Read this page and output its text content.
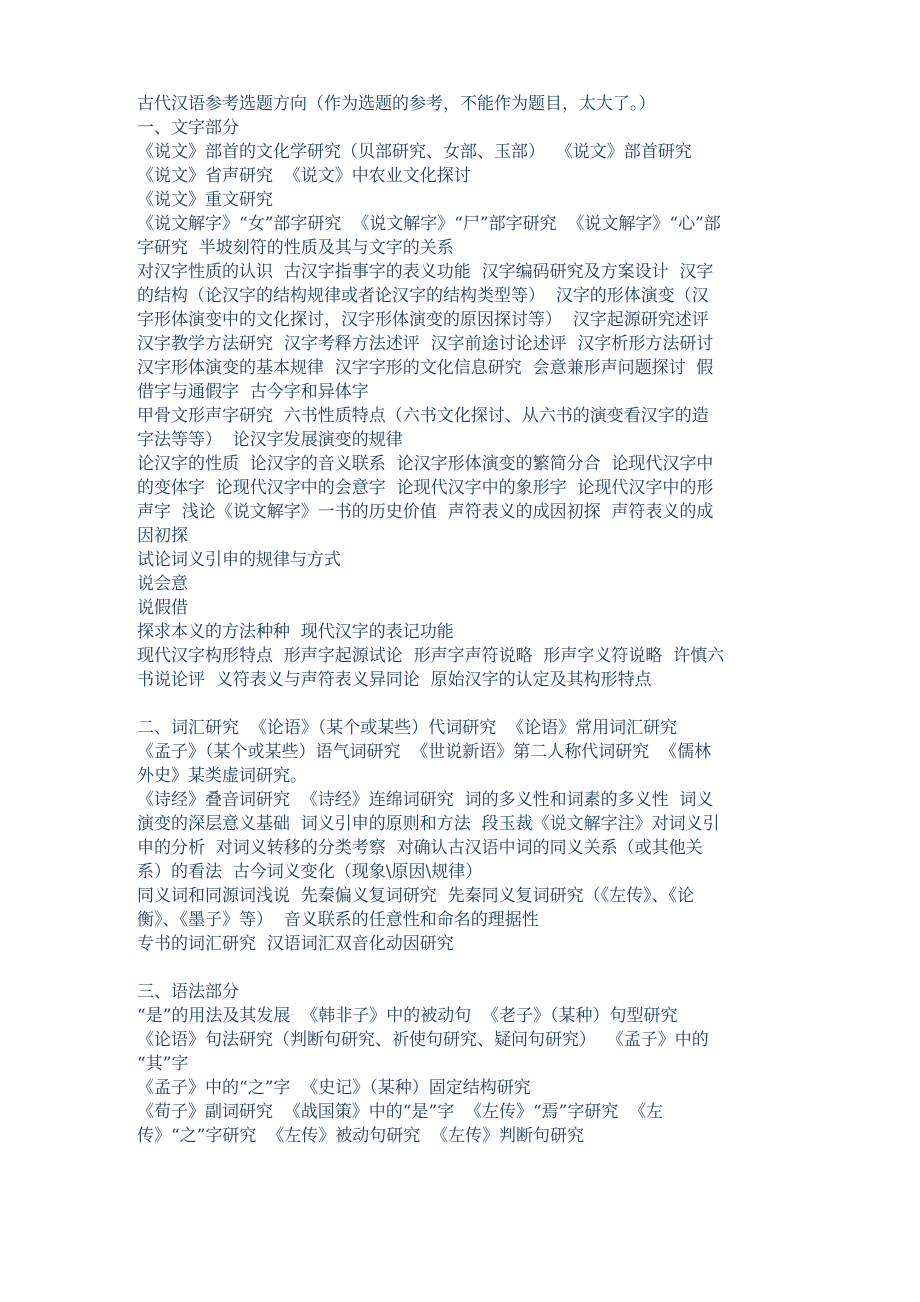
古代汉语参考选题方向（作为选题的参考，不能作为题目，太大了。）
一、文字部分
《说文》部首的文化学研究（贝部研究、女部、玉部）  《说文》部首研究
《说文》省声研究  《说文》中农业文化探讨
《说文》重文研究
《说文解字》“女”部字研究  《说文解字》“尸”部字研究  《说文解字》“心”部
字研究  半坡刻符的性质及其与文字的关系
对汉字性质的认识  古汉字指事字的表义功能  汉字编码研究及方案设计  汉字
的结构（论汉字的结构规律或者论汉字的结构类型等）  汉字的形体演变（汉
字形体演变中的文化探讨，汉字形体演变的原因探讨等）  汉字起源研究述评
汉字教学方法研究  汉字考释方法述评  汉字前途讨论述评  汉字析形方法研讨
汉字形体演变的基本规律  汉字字形的文化信息研究  会意兼形声问题探讨  假
借字与通假字  古今字和异体字
甲骨文形声字研究  六书性质特点（六书文化探讨、从六书的演变看汉字的造
字法等等）  论汉字发展演变的规律
论汉字的性质  论汉字的音义联系  论汉字形体演变的繁简分合  论现代汉字中
的变体字  论现代汉字中的会意字  论现代汉字中的象形字  论现代汉字中的形
声字  浅论《说文解字》一书的历史价值  声符表义的成因初探  声符表义的成
因初探
试论词义引申的规律与方式
说会意
说假借
探求本义的方法种种  现代汉字的表记功能
现代汉字构形特点  形声字起源试论  形声字声符说略  形声字义符说略  许慎六
书说论评  义符表义与声符表义异同论  原始汉字的认定及其构形特点
二、词汇研究  《论语》（某个或某些）代词研究  《论语》常用词汇研究
《孟子》（某个或某些）语气词研究  《世说新语》第二人称代词研究  《儒林
外史》某类虚词研究。
《诗经》叠音词研究  《诗经》连绵词研究  词的多义性和词素的多义性  词义
演变的深层意义基础  词义引申的原则和方法  段玉裁《说文解字注》对词义引
申的分析  对词义转移的分类考察  对确认古汉语中词的同义关系（或其他关
系）的看法  古今词义变化（现象\原因\规律）
同义词和同源词浅说  先秦偏义复词研究  先秦同义复词研究（《左传》、《论
衡》、《墨子》等）  音义联系的任意性和命名的理据性
专书的词汇研究  汉语词汇双音化动因研究
三、语法部分
“是”的用法及其发展  《韩非子》中的被动句  《老子》（某种）句型研究
《论语》句法研究（判断句研究、祈使句研究、疑问句研究）  《孟子》中的
“其”字
《孟子》中的“之”字  《史记》（某种）固定结构研究
《荀子》副词研究  《战国策》中的“是”字  《左传》“焉”字研究  《左
传》“之”字研究  《左传》被动句研究  《左传》判断句研究
